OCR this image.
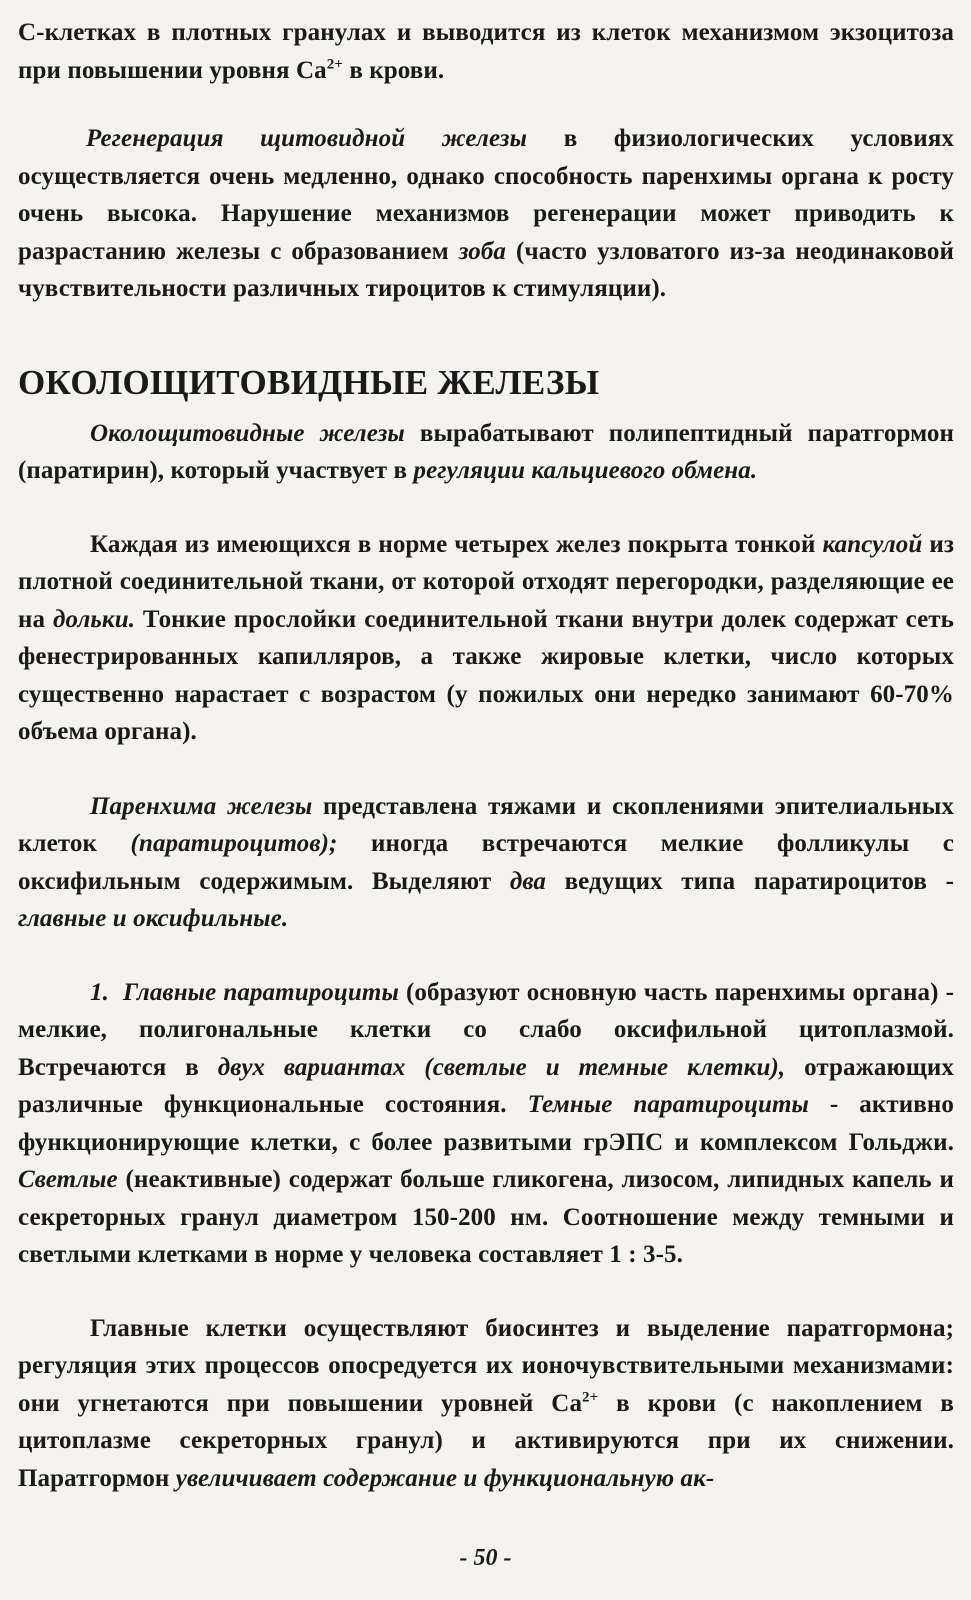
С-клетках в плотных гранулах и выводится из клеток механизмом экзоцитоза при повышении уровня $Са^{2+}$ в крови.

Регенерация щитовидной железы в физиологических условиях осуществляется очень медленно, однако способность паренхимы органа к росту очень высока. Нарушение механизмов регенерации может приводить к разрастанию железы с образованием зоба (часто узловатого из-за неодинаковой чувствительности различных тироцитов к стимуляции).

ОКОЛОЩИТОВИДНЫЕ ЖЕЛЕЗЫ

Околощитовидные железы вырабатывают полипептидный паратгормон (паратирин), который участвует в регуляции кальциевого обмена.

Каждая из имеющихся в норме четырех желез покрыта тонкой капсулой из плотной соединительной ткани, от которой отходят перегородки, разделяющие ее на дольки. Тонкие прослойки соединительной ткани внутри долек содержат сеть фенестрированных капилляров, а также жировые клетки, число которых существенно нарастает с возрастом (у пожилых они нередко занимают 60-70% объема органа).

Паренхима железы представлена тяжами и скоплениями эпителиальных клеток (паратироцитов); иногда встречаются мелкие фолликулы с оксифильным содержимым. Выделяют два ведущих типа паратироцитов - главные и оксифильные.

1. Главные паратироциты (образуют основную часть паренхимы органа) - мелкие, полигональные клетки со слабо оксифильной цитоплазмой. Встречаются в двух вариантах (светлые и темные клетки), отражающих различные функциональные состояния. Темные паратироциты - активно функционирующие клетки, с более развитыми грЭПС и комплексом Гольджи. Светлые (неактивные) содержат больше гликогена, лизосом, липидных капель и секреторных гранул диаметром 150-200 нм. Соотношение между темными и светлыми клетками в норме у человека составляет 1 : 3-5.

Главные клетки осуществляют биосинтез и выделение паратгормона; регуляция этих процессов опосредуется их ионочувствительными механизмами: они угнетаются при повышении уровней $Са^{2+}$ в крови (с накоплением в цитоплазме секреторных гранул) и активируются при их снижении. Паратгормон увеличивает содержание и функциональную ак-

- 50 -
